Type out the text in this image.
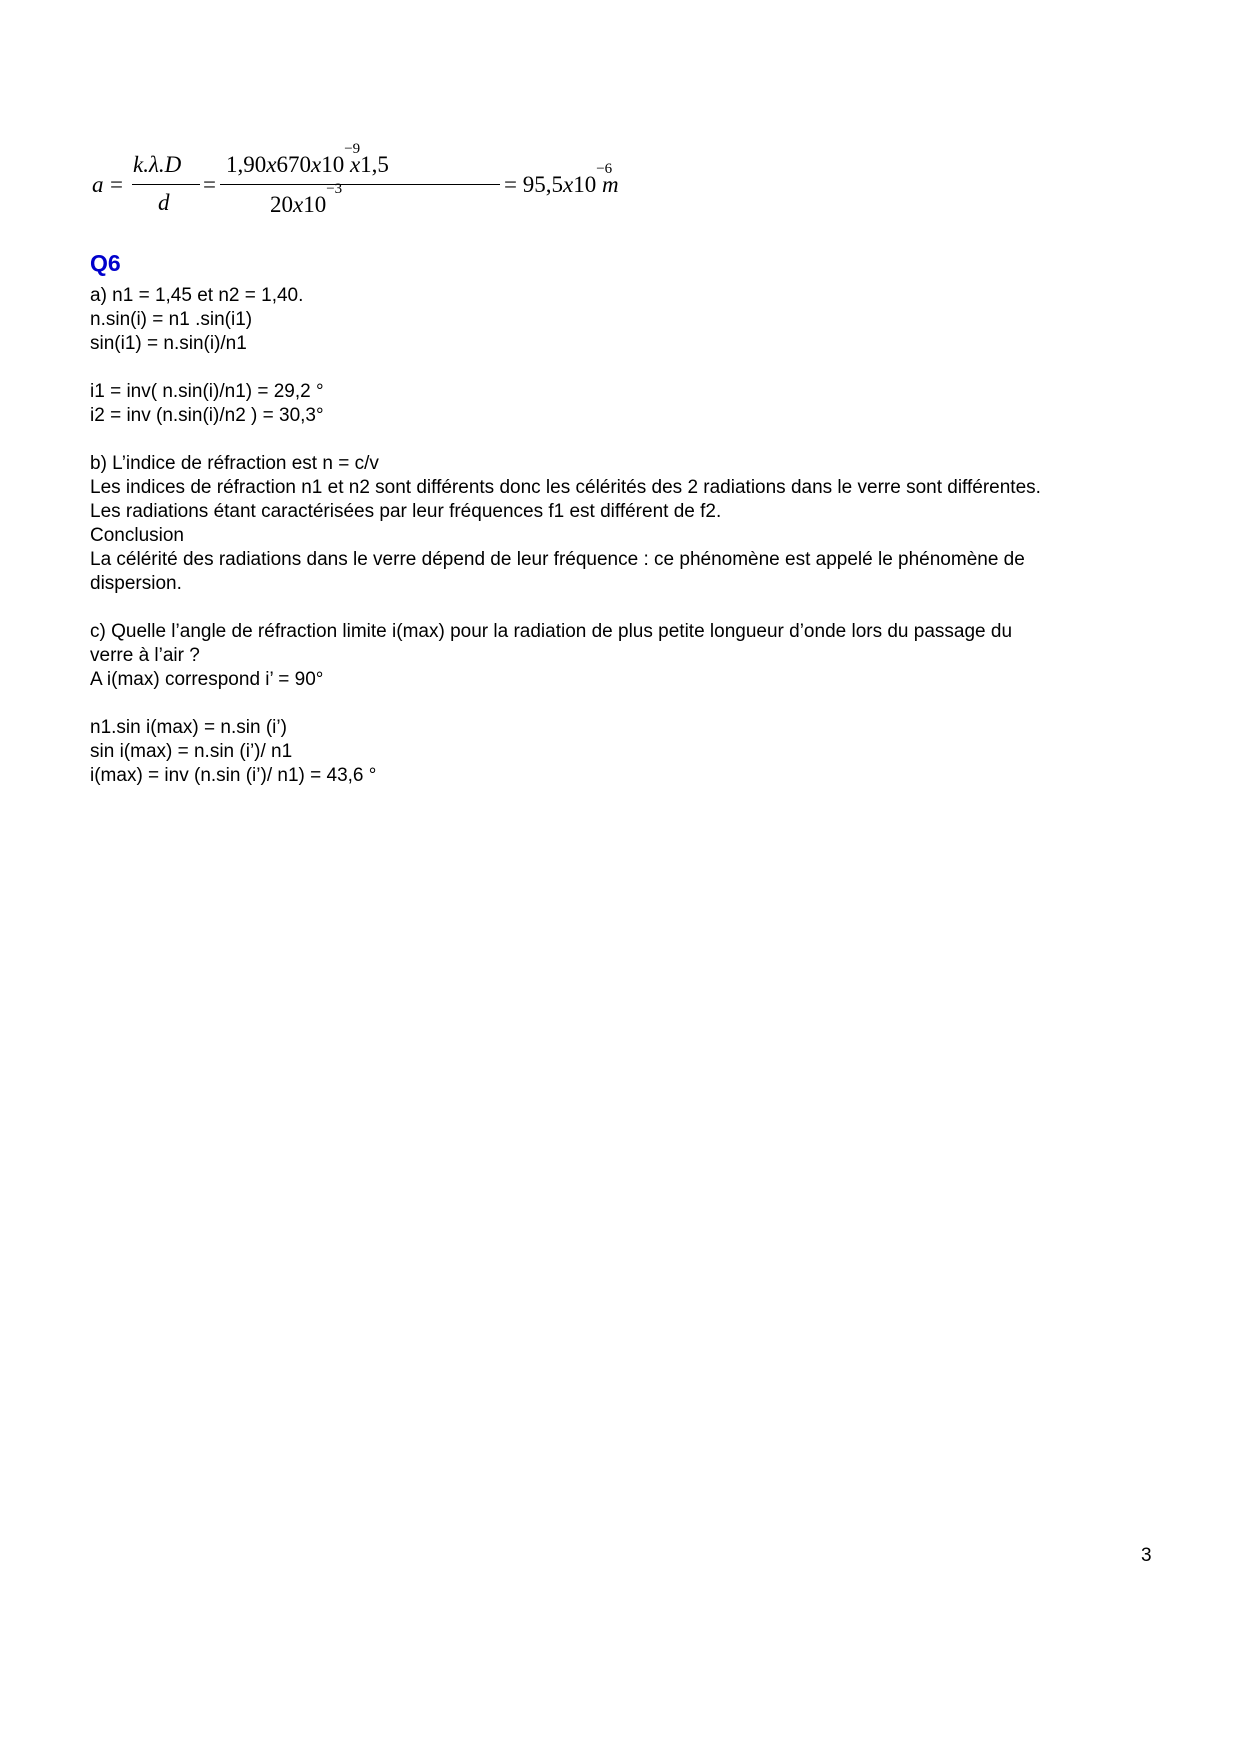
a =
k.λ.D
d
=
1,90x670x10
−9
x1,5
20x10
−3	= 95,5x10
−6
m
Q6

a) n1 = 1,45 et n2 = 1,40.

n.sin(i) = n1 .sin(i1)

sin(i1) = n.sin(i)/n1

i1 = inv( n.sin(i)/n1) = 29,2 °

i2 = inv (n.sin(i)/n2 ) = 30,3°

b) L’indice de réfraction est n = c/v

Les indices de réfraction n1 et n2 sont différents donc les célérités des 2 radiations dans le verre sont différentes.

Les radiations étant caractérisées par leur fréquences f1 est différent de f2.

Conclusion

La célérité des radiations dans le verre dépend de leur fréquence : ce phénomène est appelé le phénomène de

dispersion.

c) Quelle l’angle de réfraction limite i(max) pour la radiation de plus petite longueur d’onde lors du passage du

verre à l’air ?

A i(max) correspond i’ = 90°

n1.sin i(max) = n.sin (i’)

sin i(max) = n.sin (i’)/ n1

i(max) = inv (n.sin (i’)/ n1) = 43,6 °

3
